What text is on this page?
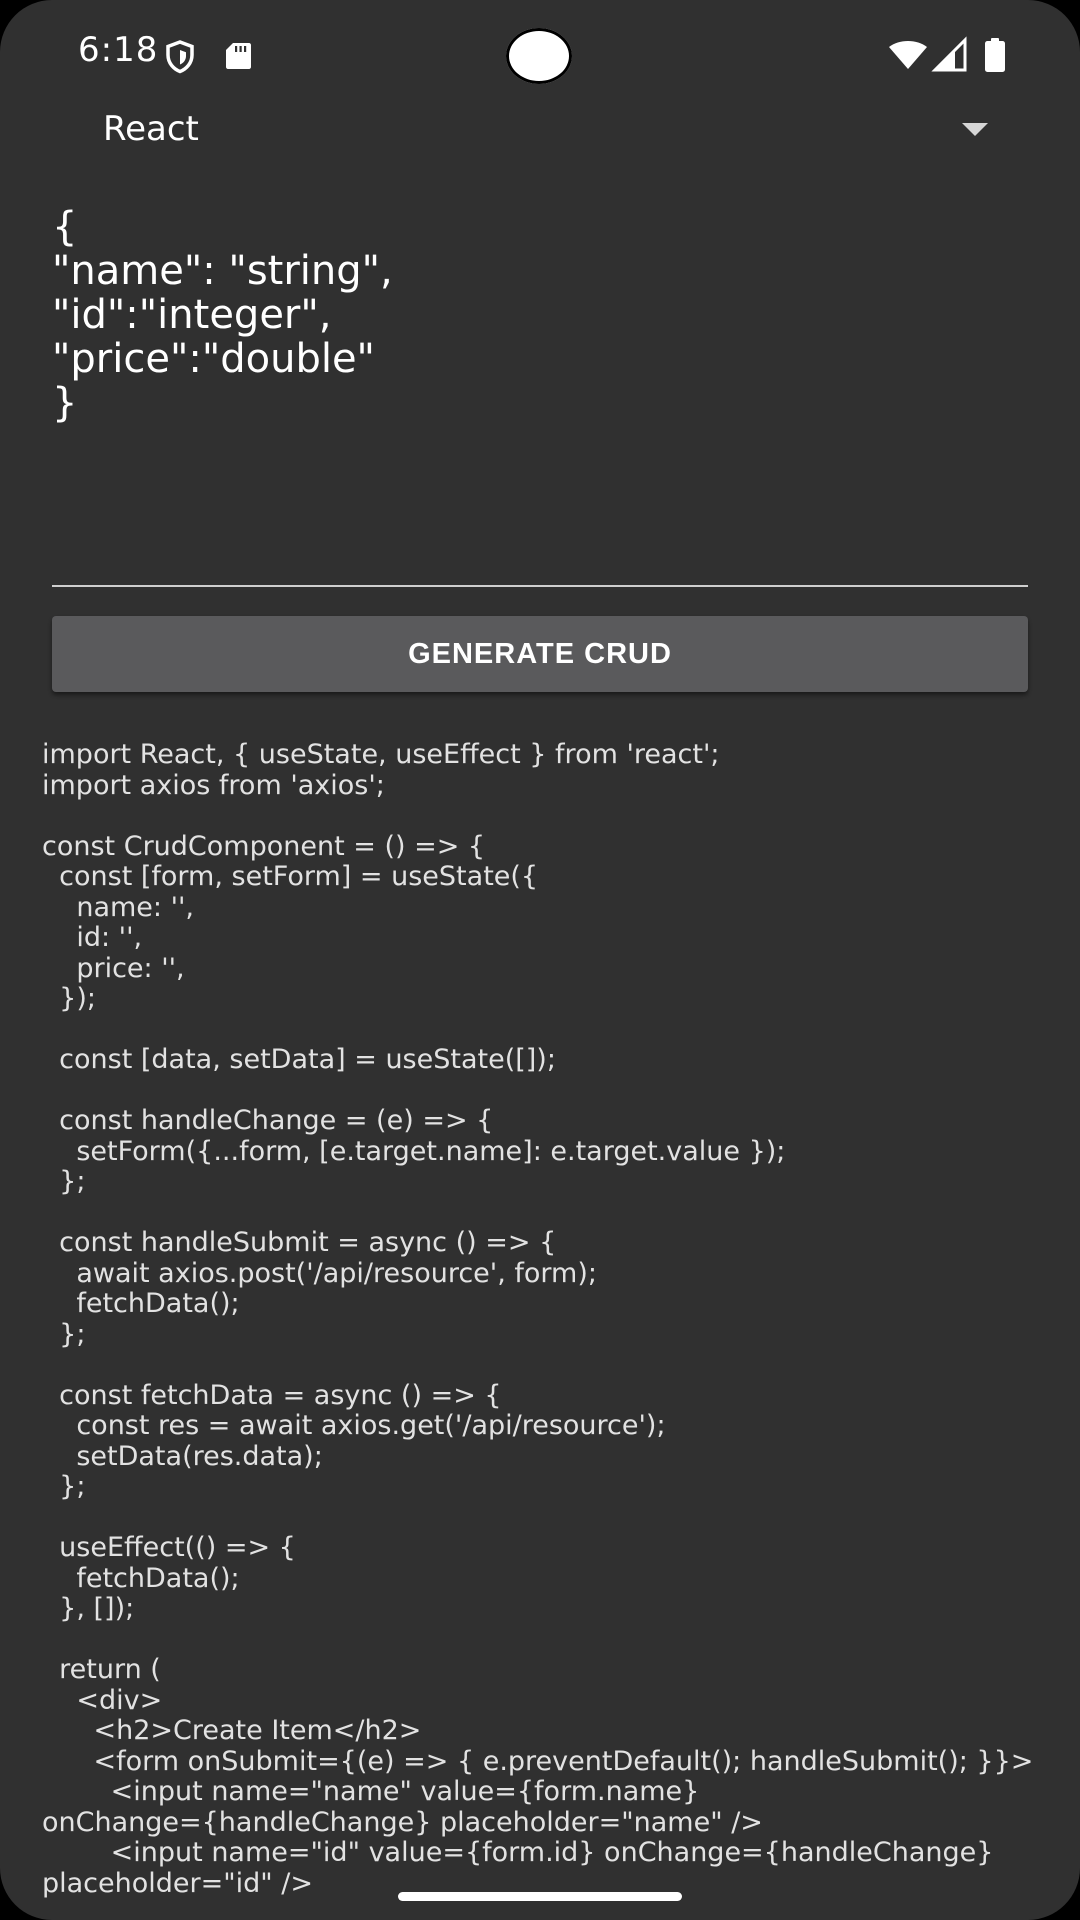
6:18
React
{
"name": "string",
"id":"integer",
"price":"double"
}
GENERATE CRUD
import React, { useState, useEffect } from 'react';
import axios from 'axios';
const CrudComponent = () => {
const [form, setForm] = useState({
name: '',
id: '',
price: '',
});
const [data, setData] = useState([]);
const handleChange = (e) => {
setForm({...form, [e.target.name]: e.target.value });
};
const handleSubmit = async () => {
await axios.post('/api/resource', form);
fetchData();
};
const fetchData = async () => {
const res = await axios.get('/api/resource');
setData(res.data);
};
useEffect(() => {
fetchData();
}, []);
return (
<div>
<h2>Create Item</h2>
<form onSubmit={(e) => { e.preventDefault(); handleSubmit(); }}>
<input name="name" value={form.name}
onChange={handleChange} placeholder="name" />
<input name="id" value={form.id} onChange={handleChange}
placeholder="id" />
